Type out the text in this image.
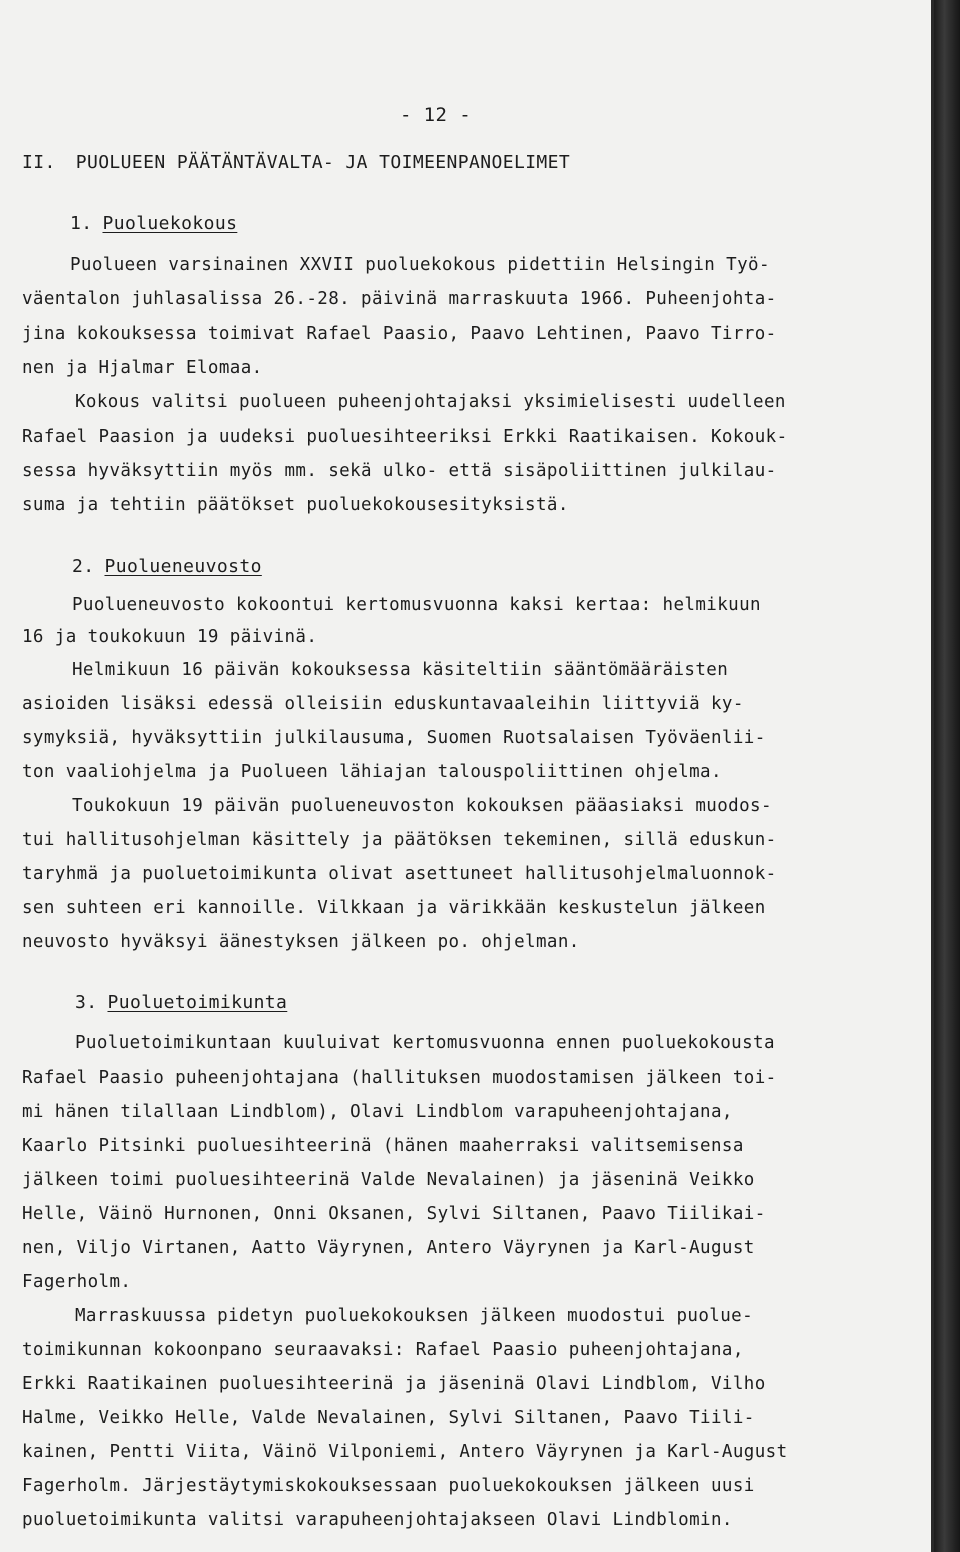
- 12 -
II. PUOLUEEN PÄÄTÄNTÄVALTA- JA TOIMEENPANOELIMET
1. Puoluekokous
Puolueen varsinainen XXVII puoluekokous pidettiin Helsingin Työ-
väentalon juhlasalissa 26.-28. päivinä marraskuuta 1966. Puheenjohta-
jina kokouksessa toimivat Rafael Paasio, Paavo Lehtinen, Paavo Tirro-
nen ja Hjalmar Elomaa.
Kokous valitsi puolueen puheenjohtajaksi yksimielisesti uudelleen
Rafael Paasion ja uudeksi puoluesihteeriksi Erkki Raatikaisen. Kokouk-
sessa hyväksyttiin myös mm. sekä ulko- että sisäpoliittinen julkilau-
suma ja tehtiin päätökset puoluekokousesityksistä.
2. Puolueneuvosto
Puolueneuvosto kokoontui kertomusvuonna kaksi kertaa: helmikuun
16 ja toukokuun 19 päivinä.
Helmikuun 16 päivän kokouksessa käsiteltiin sääntömääräisten
asioiden lisäksi edessä olleisiin eduskuntavaaleihin liittyviä ky-
symyksiä, hyväksyttiin julkilausuma, Suomen Ruotsalaisen Työväenlii-
ton vaaliohjelma ja Puolueen lähiajan talouspoliittinen ohjelma.
Toukokuun 19 päivän puolueneuvoston kokouksen pääasiaksi muodos-
tui hallitusohjelman käsittely ja päätöksen tekeminen, sillä eduskun-
taryhmä ja puoluetoimikunta olivat asettuneet hallitusohjelmaluonnok-
sen suhteen eri kannoille. Vilkkaan ja värikkään keskustelun jälkeen
neuvosto hyväksyi äänestyksen jälkeen po. ohjelman.
3. Puoluetoimikunta
Puoluetoimikuntaan kuuluivat kertomusvuonna ennen puoluekokousta
Rafael Paasio puheenjohtajana (hallituksen muodostamisen jälkeen toi-
mi hänen tilallaan Lindblom), Olavi Lindblom varapuheenjohtajana,
Kaarlo Pitsinki puoluesihteerinä (hänen maaherraksi valitsemisensa
jälkeen toimi puoluesihteerinä Valde Nevalainen) ja jäseninä Veikko
Helle, Väinö Hurnonen, Onni Oksanen, Sylvi Siltanen, Paavo Tiilikai-
nen, Viljo Virtanen, Aatto Väyrynen, Antero Väyrynen ja Karl-August
Fagerholm.
Marraskuussa pidetyn puoluekokouksen jälkeen muodostui puolue-
toimikunnan kokoonpano seuraavaksi: Rafael Paasio puheenjohtajana,
Erkki Raatikainen puoluesihteerinä ja jäseninä Olavi Lindblom, Vilho
Halme, Veikko Helle, Valde Nevalainen, Sylvi Siltanen, Paavo Tiili-
kainen, Pentti Viita, Väinö Vilponiemi, Antero Väyrynen ja Karl-August
Fagerholm. Järjestäytymiskokouksessaan puoluekokouksen jälkeen uusi
puoluetoimikunta valitsi varapuheenjohtajakseen Olavi Lindblomin.
